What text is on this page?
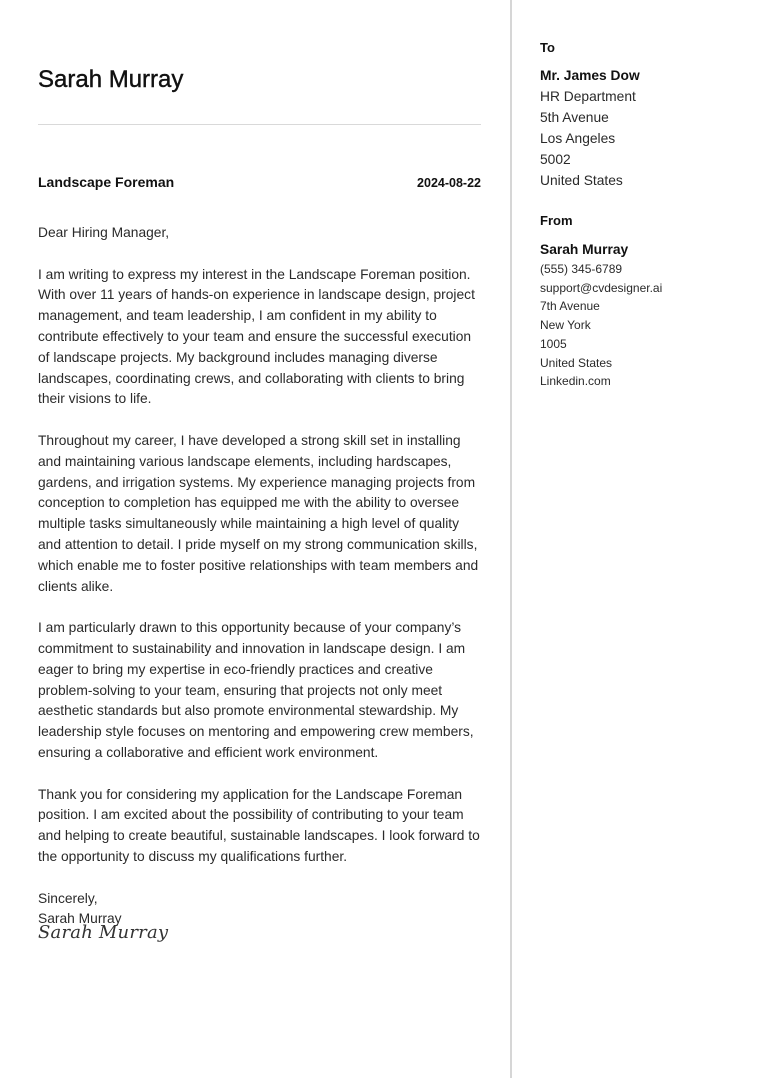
Sarah Murray
Landscape Foreman	2024-08-22

Dear Hiring Manager,

I am writing to express my interest in the Landscape Foreman position. With over 11 years of hands-on experience in landscape design, project management, and team leadership, I am confident in my ability to contribute effectively to your team and ensure the successful execution of landscape projects. My background includes managing diverse landscapes, coordinating crews, and collaborating with clients to bring their visions to life.

Throughout my career, I have developed a strong skill set in installing and maintaining various landscape elements, including hardscapes, gardens, and irrigation systems. My experience managing projects from conception to completion has equipped me with the ability to oversee multiple tasks simultaneously while maintaining a high level of quality and attention to detail. I pride myself on my strong communication skills, which enable me to foster positive relationships with team members and clients alike.

I am particularly drawn to this opportunity because of your company’s commitment to sustainability and innovation in landscape design. I am eager to bring my expertise in eco-friendly practices and creative problem-solving to your team, ensuring that projects not only meet aesthetic standards but also promote environmental stewardship. My leadership style focuses on mentoring and empowering crew members, ensuring a collaborative and efficient work environment.

Thank you for considering my application for the Landscape Foreman position. I am excited about the possibility of contributing to your team and helping to create beautiful, sustainable landscapes. I look forward to the opportunity to discuss my qualifications further.

Sincerely,
Sarah Murray
Sarah Murray
To
Mr. James Dow
HR Department
5th Avenue
Los Angeles
5002
United States
From
Sarah Murray
(555) 345-6789
support@cvdesigner.ai
7th Avenue
New York
1005
United States
Linkedin.com
